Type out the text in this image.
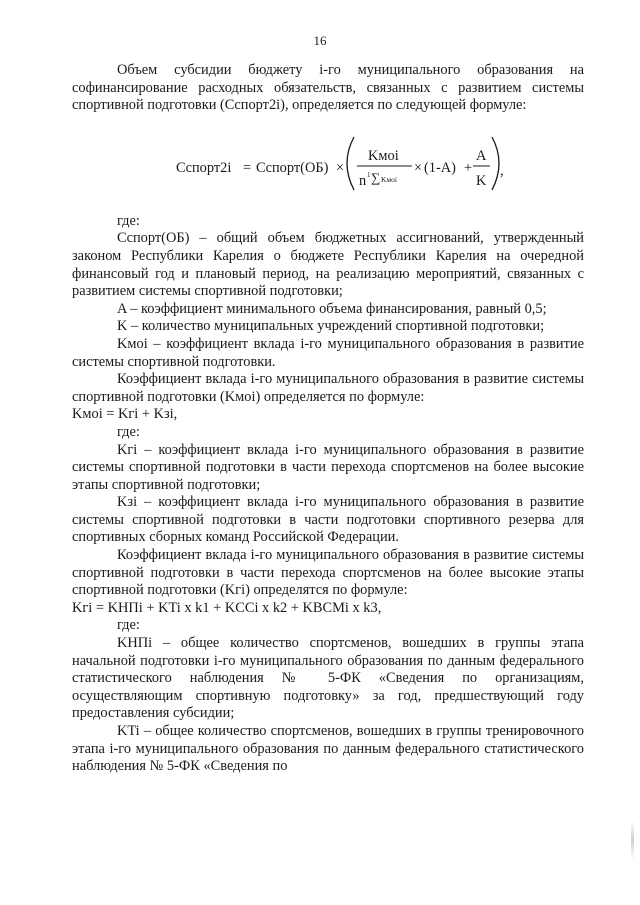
16

Объем субсидии бюджету i-го муниципального образования на софинансирование расходных обязательств, связанных с развитием системы спортивной подготовки (Cспорт2i), определяется по следующей формуле:

Cспорт2i = Cспорт(ОБ) ×
Kмоi
n 1 ∑ Kмоi
× (1-A) +
A
K
,

где:

Cспорт(ОБ) – общий объем бюджетных ассигнований, утвержденный законом Республики Карелия о бюджете Республики Карелия на очередной финансовый год и плановый период, на реализацию мероприятий, связанных с развитием системы спортивной подготовки;

A – коэффициент минимального объема финансирования, равный 0,5;

K – количество муниципальных учреждений спортивной подготовки;

Kмоi – коэффициент вклада i-го муниципального образования в развитие системы спортивной подготовки.

Коэффициент вклада i-го муниципального образования в развитие системы спортивной подготовки (Kмоi) определяется по формуле:

Kмоi = Kгi + Kзi,

где:

Kгi – коэффициент вклада i-го муниципального образования в развитие системы спортивной подготовки в части перехода спортсменов на более высокие этапы спортивной подготовки;

Kзi – коэффициент вклада i-го муниципального образования в развитие системы спортивной подготовки в части подготовки спортивного резерва для спортивных сборных команд Российской Федерации.

Коэффициент вклада i-го муниципального образования в развитие системы спортивной подготовки в части перехода спортсменов на более высокие этапы спортивной подготовки (Kгi) определятся по формуле:

Kгi = KНПi + KTi x k1 + KССi x k2 + KВСМi x k3,

где:

KНПi – общее количество спортсменов, вошедших в группы этапа начальной подготовки i-го муниципального образования по данным федерального статистического наблюдения № 5-ФК «Сведения по организациям, осуществляющим спортивную подготовку» за год, предшествующий году предоставления субсидии;

KTi – общее количество спортсменов, вошедших в группы тренировочного этапа i-го муниципального образования по данным федерального статистического наблюдения № 5-ФК «Сведения по
